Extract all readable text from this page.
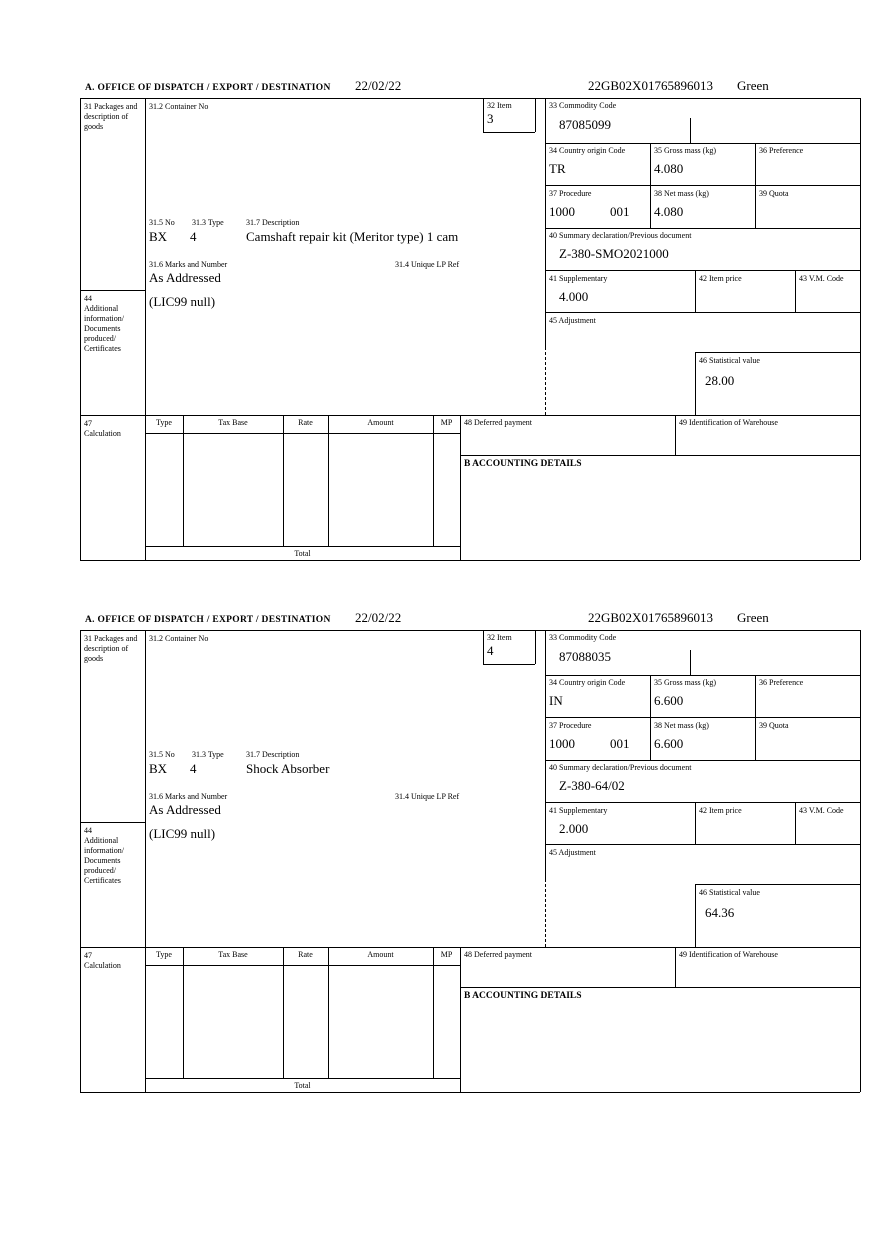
A. OFFICE OF DISPATCH / EXPORT / DESTINATION 22/02/22	22GB02X01765896013 Green
31 Packages and description of goods
44
Additional information/ Documents produced/ Certificates
47
Calculation
31.2 Container No	32 Item
3
31.5 No 31.3 Type	31.7 Description
BX 4	Camshaft repair kit (Meritor type) 1 cam
31.6 Marks and Number	31.4 Unique LP Ref
As Addressed
(LIC99 null)
33 Commodity Code
87085099
34 Country origin Code
TR
35 Gross mass (kg)
4.080
36 Preference
37 Procedure
1000	001
38 Net mass (kg)
4.080
39 Quota
40 Summary declaration/Previous document
Z-380-SMO2021000
41 Supplementary
4.000
42 Item price	43 V.M. Code
45 Adjustment
46 Statistical value
28.00
Type	Tax Base	Rate	Amount	MP
Total
48 Deferred payment	49 Identification of Warehouse
B ACCOUNTING DETAILS
A. OFFICE OF DISPATCH / EXPORT / DESTINATION 22/02/22	22GB02X01765896013 Green
31 Packages and description of goods
44
Additional information/ Documents produced/ Certificates
47
Calculation
31.2 Container No	32 Item
4
31.5 No 31.3 Type	31.7 Description
BX 4	Shock Absorber
31.6 Marks and Number	31.4 Unique LP Ref
As Addressed
(LIC99 null)
33 Commodity Code
87088035
34 Country origin Code
IN
35 Gross mass (kg)
6.600
36 Preference
37 Procedure
1000	001
38 Net mass (kg)
6.600
39 Quota
40 Summary declaration/Previous document
Z-380-64/02
41 Supplementary
2.000
42 Item price	43 V.M. Code
45 Adjustment
46 Statistical value
64.36
Type	Tax Base	Rate	Amount	MP
Total
48 Deferred payment	49 Identification of Warehouse
B ACCOUNTING DETAILS
